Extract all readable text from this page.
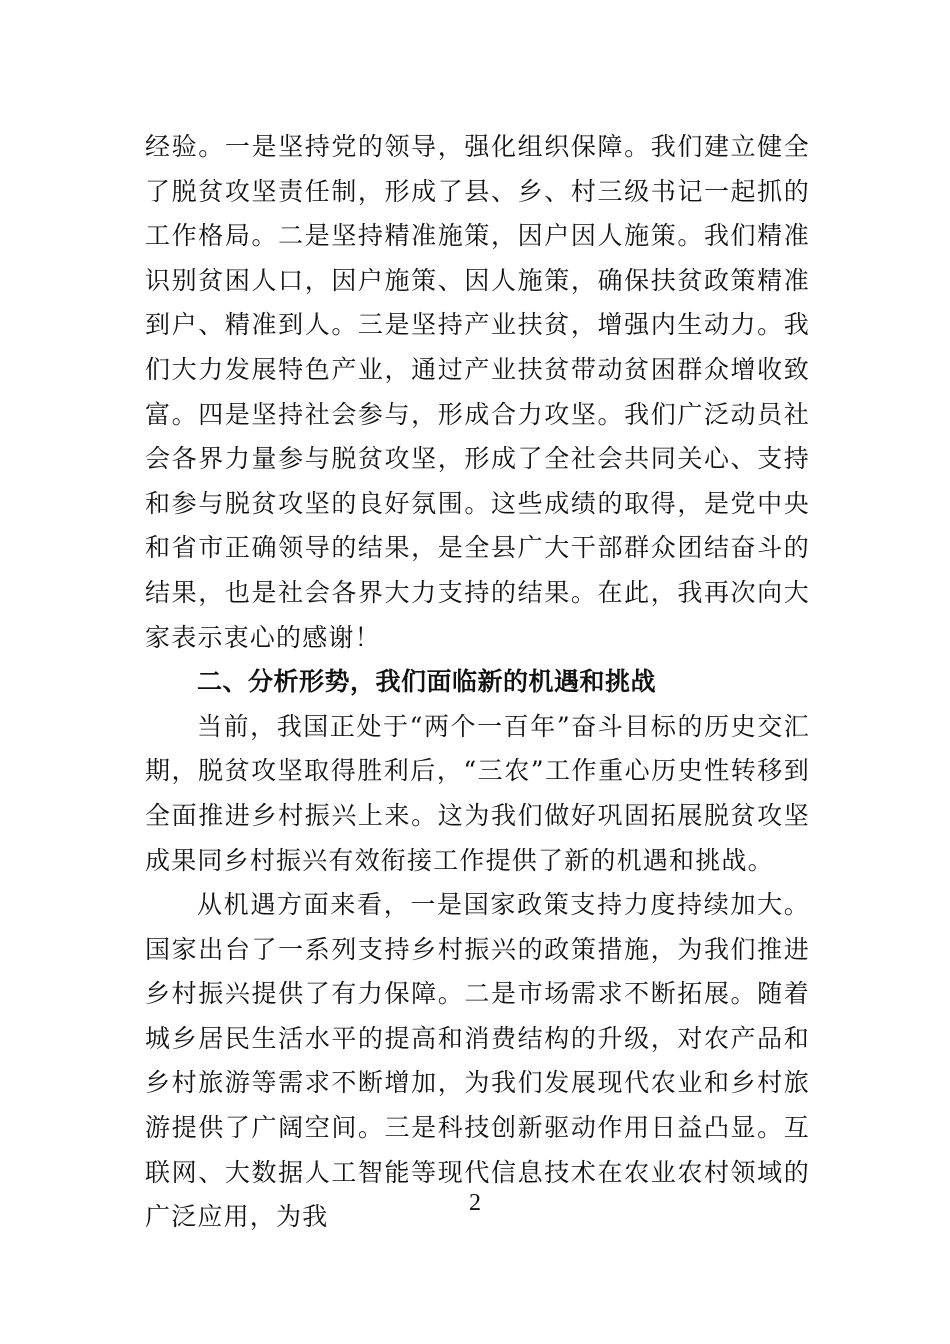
经验。一是坚持党的领导，强化组织保障。我们建立健全了脱贫攻坚责任制，形成了县、乡、村三级书记一起抓的工作格局。二是坚持精准施策，因户因人施策。我们精准识别贫困人口，因户施策、因人施策，确保扶贫政策精准到户、精准到人。三是坚持产业扶贫，增强内生动力。我们大力发展特色产业，通过产业扶贫带动贫困群众增收致富。四是坚持社会参与，形成合力攻坚。我们广泛动员社会各界力量参与脱贫攻坚，形成了全社会共同关心、支持和参与脱贫攻坚的良好氛围。这些成绩的取得，是党中央和省市正确领导的结果，是全县广大干部群众团结奋斗的结果，也是社会各界大力支持的结果。在此，我再次向大家表示衷心的感谢！

二、分析形势，我们面临新的机遇和挑战

当前，我国正处于“两个一百年”奋斗目标的历史交汇期，脱贫攻坚取得胜利后，“三农”工作重心历史性转移到全面推进乡村振兴上来。这为我们做好巩固拓展脱贫攻坚成果同乡村振兴有效衔接工作提供了新的机遇和挑战。

从机遇方面来看，一是国家政策支持力度持续加大。国家出台了一系列支持乡村振兴的政策措施，为我们推进乡村振兴提供了有力保障。二是市场需求不断拓展。随着城乡居民生活水平的提高和消费结构的升级，对农产品和乡村旅游等需求不断增加，为我们发展现代农业和乡村旅游提供了广阔空间。三是科技创新驱动作用日益凸显。互联网、大数据人工智能等现代信息技术在农业农村领域的广泛应用，为我	2
